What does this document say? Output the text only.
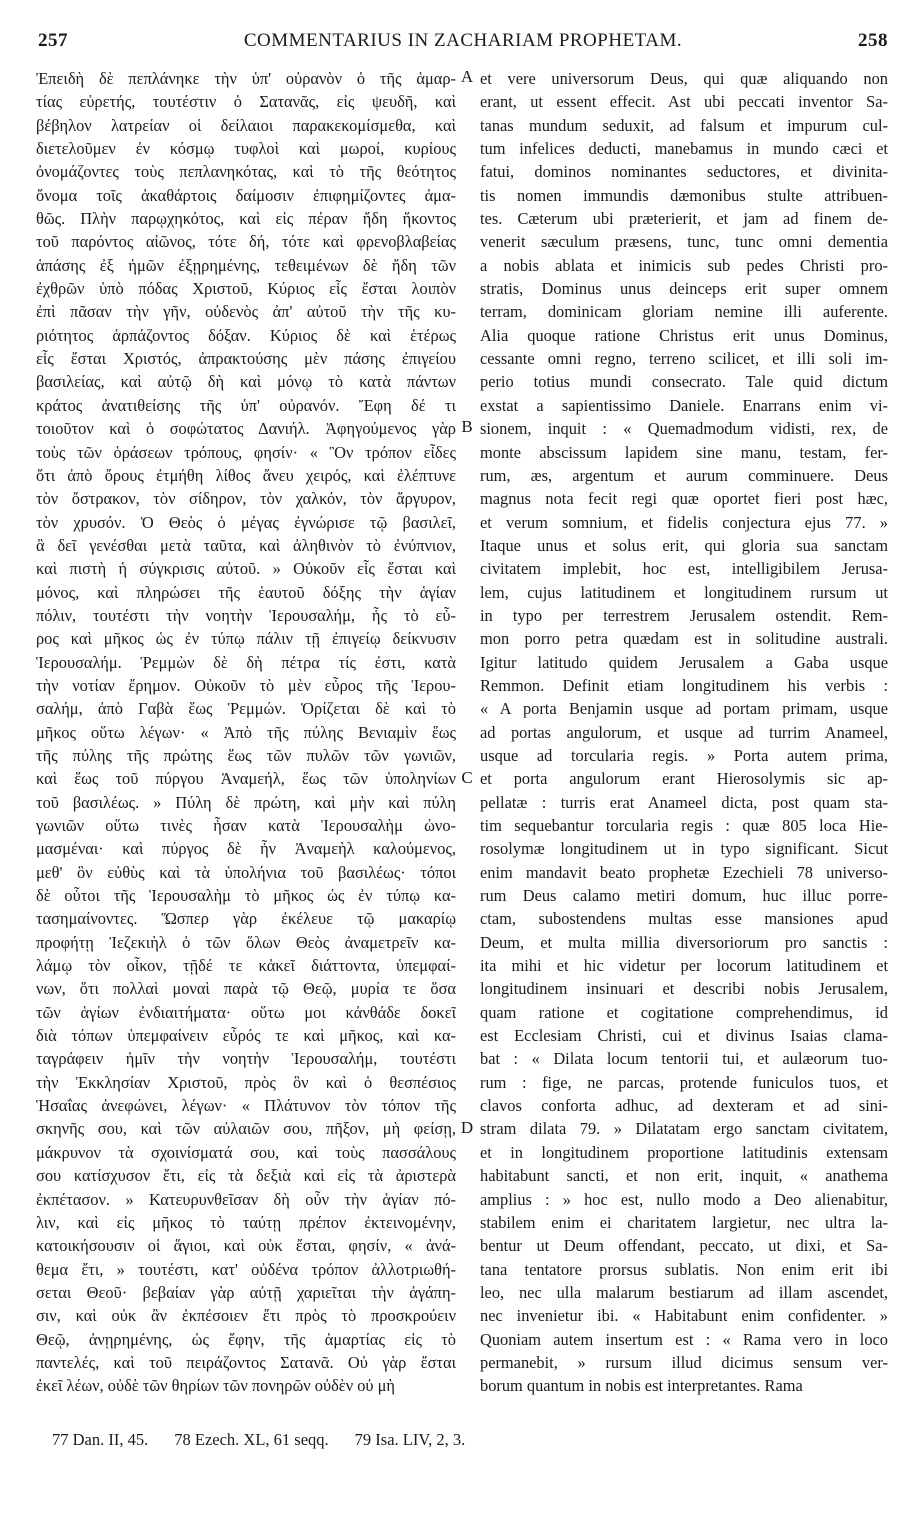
257	COMMENTARIUS IN ZACHARIAM PROPHETAM.	258
Ἐπειδὴ δὲ πεπλάνηκε τὴν ὑπ' οὐρανὸν ὁ τῆς ἁμαρ-
τίας εὑρετής, τουτέστιν ὁ Σατανᾶς, εἰς ψευδῆ, καὶ
βέβηλον λατρείαν οἱ δείλαιοι παρακεκομίσμεθα, καὶ
διετελοῦμεν ἐν κόσμῳ τυφλοὶ καὶ μωροί, κυρίους
ὀνομάζοντες τοὺς πεπλανηκότας, καὶ τὸ τῆς θεότητος
ὄνομα τοῖς ἀκαθάρτοις δαίμοσιν ἐπιφημίζοντες ἀμα-
θῶς. Πλὴν παρῳχηκότος, καὶ εἰς πέραν ἤδη ἥκοντος
τοῦ παρόντος αἰῶνος, τότε δή, τότε καὶ φρενοβλαβείας
ἁπάσης ἐξ ἡμῶν ἐξῃρημένης, τεθειμένων δὲ ἤδη τῶν
ἐχθρῶν ὑπὸ πόδας Χριστοῦ, Κύριος εἷς ἔσται λοιπὸν
ἐπὶ πᾶσαν τὴν γῆν, οὐδενὸς ἀπ' αὐτοῦ τὴν τῆς κυ-
ριότητος ἁρπάζοντος δόξαν. Κύριος δὲ καὶ ἑτέρως
εἷς ἔσται Χριστός, ἀπρακτούσης μὲν πάσης ἐπιγείου
βασιλείας, καὶ αὐτῷ δὴ καὶ μόνῳ τὸ κατὰ πάντων
κράτος ἀνατιθείσης τῆς ὑπ' οὐρανόν. Ἔφη δέ τι
τοιοῦτον καὶ ὁ σοφώτατος Δανιήλ. Ἀφηγούμενος γὰρ
τοὺς τῶν ὁράσεων τρόπους, φησίν· « Ὃν τρόπον εἶδες
ὅτι ἀπὸ ὄρους ἐτμήθη λίθος ἄνευ χειρός, καὶ ἐλέπτυνε
τὸν ὄστρακον, τὸν σίδηρον, τὸν χαλκόν, τὸν ἄργυρον,
τὸν χρυσόν. Ὁ Θεὸς ὁ μέγας ἐγνώρισε τῷ βασιλεῖ,
ἃ δεῖ γενέσθαι μετὰ ταῦτα, καὶ ἀληθινὸν τὸ ἐνύπνιον,
καὶ πιστὴ ἡ σύγκρισις αὐτοῦ. » Οὐκοῦν εἷς ἔσται καὶ
μόνος, καὶ πληρώσει τῆς ἑαυτοῦ δόξης τὴν ἁγίαν
πόλιν, τουτέστι τὴν νοητὴν Ἱερουσαλήμ, ἧς τὸ εὖ-
ρος καὶ μῆκος ὡς ἐν τύπῳ πάλιν τῇ ἐπιγείῳ δείκνυσιν
Ἱερουσαλήμ. Ῥεμμὼν δὲ δὴ πέτρα τίς ἐστι, κατὰ
τὴν νοτίαν ἔρημον. Οὐκοῦν τὸ μὲν εὖρος τῆς Ἱερου-
σαλήμ, ἀπὸ Γαβὰ ἕως Ῥεμμών. Ὁρίζεται δὲ καὶ τὸ
μῆκος οὕτω λέγων· « Ἀπὸ τῆς πύλης Βενιαμὶν ἕως
τῆς πύλης τῆς πρώτης ἕως τῶν πυλῶν τῶν γωνιῶν,
καὶ ἕως τοῦ πύργου Ἀναμεήλ, ἕως τῶν ὑποληνίων
τοῦ βασιλέως. » Πύλη δὲ πρώτη, καὶ μὴν καὶ πύλη
γωνιῶν οὕτω τινὲς ἦσαν κατὰ Ἱερουσαλὴμ ὠνο-
μασμέναι· καὶ πύργος δὲ ἦν Ἀναμεὴλ καλούμενος,
μεθ' ὃν εὐθὺς καὶ τὰ ὑπολήνια τοῦ βασιλέως· τόποι
δὲ οὗτοι τῆς Ἱερουσαλὴμ τὸ μῆκος ὡς ἐν τύπῳ κα-
τασημαίνοντες. Ὥσπερ γὰρ ἐκέλευε τῷ μακαρίῳ
προφήτῃ Ἰεζεκιὴλ ὁ τῶν ὅλων Θεὸς ἀναμετρεῖν κα-
λάμῳ τὸν οἶκον, τῇδέ τε κἀκεῖ διάττοντα, ὑπεμφαί-
νων, ὅτι πολλαὶ μοναὶ παρὰ τῷ Θεῷ, μυρία τε ὅσα
τῶν ἁγίων ἐνδιαιτήματα· οὕτω μοι κἀνθάδε δοκεῖ
διὰ τόπων ὑπεμφαίνειν εὖρός τε καὶ μῆκος, καὶ κα-
ταγράφειν ἡμῖν τὴν νοητὴν Ἱερουσαλήμ, τουτέστι
τὴν Ἐκκλησίαν Χριστοῦ, πρὸς ὃν καὶ ὁ θεσπέσιος
Ἡσαΐας ἀνεφώνει, λέγων· « Πλάτυνον τὸν τόπον τῆς
σκηνῆς σου, καὶ τῶν αὐλαιῶν σου, πῆξον, μὴ φείσῃ,
μάκρυνον τὰ σχοινίσματά σου, καὶ τοὺς πασσάλους
σου κατίσχυσον ἔτι, εἰς τὰ δεξιὰ καὶ εἰς τὰ ἀριστερὰ
ἐκπέτασον. » Κατευρυνθεῖσαν δὴ οὖν τὴν ἁγίαν πό-
λιν, καὶ εἰς μῆκος τὸ ταύτῃ πρέπον ἐκτεινομένην,
κατοικήσουσιν οἱ ἅγιοι, καὶ οὐκ ἔσται, φησίν, « ἀνά-
θεμα ἔτι, » τουτέστι, κατ' οὐδένα τρόπον ἀλλοτριωθή-
σεται Θεοῦ· βεβαίαν γὰρ αὐτῇ χαριεῖται τὴν ἀγάπη-
σιν, καὶ οὐκ ἂν ἐκπέσοιεν ἔτι πρὸς τὸ προσκρούειν
Θεῷ, ἀνῃρημένης, ὡς ἔφην, τῆς ἁμαρτίας εἰς τὸ
παντελές, καὶ τοῦ πειράζοντος Σατανᾶ. Οὐ γὰρ ἔσται
ἐκεῖ λέων, οὐδὲ τῶν θηρίων τῶν πονηρῶν οὐδὲν οὐ μὴ
A
B
C
D
et vere universorum Deus, qui quæ aliquando non
erant, ut essent effecit. Ast ubi peccati inventor Sa-
tanas mundum seduxit, ad falsum et impurum cul-
tum infelices deducti, manebamus in mundo cæci et
fatui, dominos nominantes seductores, et divinita-
tis nomen immundis dæmonibus stulte attribuen-
tes. Cæterum ubi præterierit, et jam ad finem de-
venerit sæculum præsens, tunc, tunc omni dementia
a nobis ablata et inimicis sub pedes Christi pro-
stratis, Dominus unus deinceps erit super omnem
terram, dominicam gloriam nemine illi auferente.
Alia quoque ratione Christus erit unus Dominus,
cessante omni regno, terreno scilicet, et illi soli im-
perio totius mundi consecrato. Tale quid dictum
exstat a sapientissimo Daniele. Enarrans enim vi-
sionem, inquit : « Quemadmodum vidisti, rex, de
monte abscissum lapidem sine manu, testam, fer-
rum, æs, argentum et aurum comminuere. Deus
magnus nota fecit regi quæ oportet fieri post hæc,
et verum somnium, et fidelis conjectura ejus 77. »
Itaque unus et solus erit, qui gloria sua sanctam
civitatem implebit, hoc est, intelligibilem Jerusa-
lem, cujus latitudinem et longitudinem rursum ut
in typo per terrestrem Jerusalem ostendit. Rem-
mon porro petra quædam est in solitudine australi.
Igitur latitudo quidem Jerusalem a Gaba usque
Remmon. Definit etiam longitudinem his verbis :
« A porta Benjamin usque ad portam primam, usque
ad portas angulorum, et usque ad turrim Anameel,
usque ad torcularia regis. » Porta autem prima,
et porta angulorum erant Hierosolymis sic ap-
pellatæ : turris erat Anameel dicta, post quam sta-
tim sequebantur torcularia regis : quæ 805 loca Hie-
rosolymæ longitudinem ut in typo significant. Sicut
enim mandavit beato prophetæ Ezechieli 78 universo-
rum Deus calamo metiri domum, huc illuc porre-
ctam, subostendens multas esse mansiones apud
Deum, et multa millia diversoriorum pro sanctis :
ita mihi et hic videtur per locorum latitudinem et
longitudinem insinuari et describi nobis Jerusalem,
quam ratione et cogitatione comprehendimus, id
est Ecclesiam Christi, cui et divinus Isaias clama-
bat : « Dilata locum tentorii tui, et aulæorum tuo-
rum : fige, ne parcas, protende funiculos tuos, et
clavos conforta adhuc, ad dexteram et ad sini-
stram dilata 79. » Dilatatam ergo sanctam civitatem,
et in longitudinem proportione latitudinis extensam
habitabunt sancti, et non erit, inquit, « anathema
amplius : » hoc est, nullo modo a Deo alienabitur,
stabilem enim ei charitatem largietur, nec ultra la-
bentur ut Deum offendant, peccato, ut dixi, et Sa-
tana tentatore prorsus sublatis. Non enim erit ibi
leo, nec ulla malarum bestiarum ad illam ascendet,
nec invenietur ibi. « Habitabunt enim confidenter. »
Quoniam autem insertum est : « Rama vero in loco
permanebit, » rursum illud dicimus sensum ver-
borum quantum in nobis est interpretantes. Rama
77 Dan. II, 45. 78 Ezech. XL, 61 seqq. 79 Isa. LIV, 2, 3.
